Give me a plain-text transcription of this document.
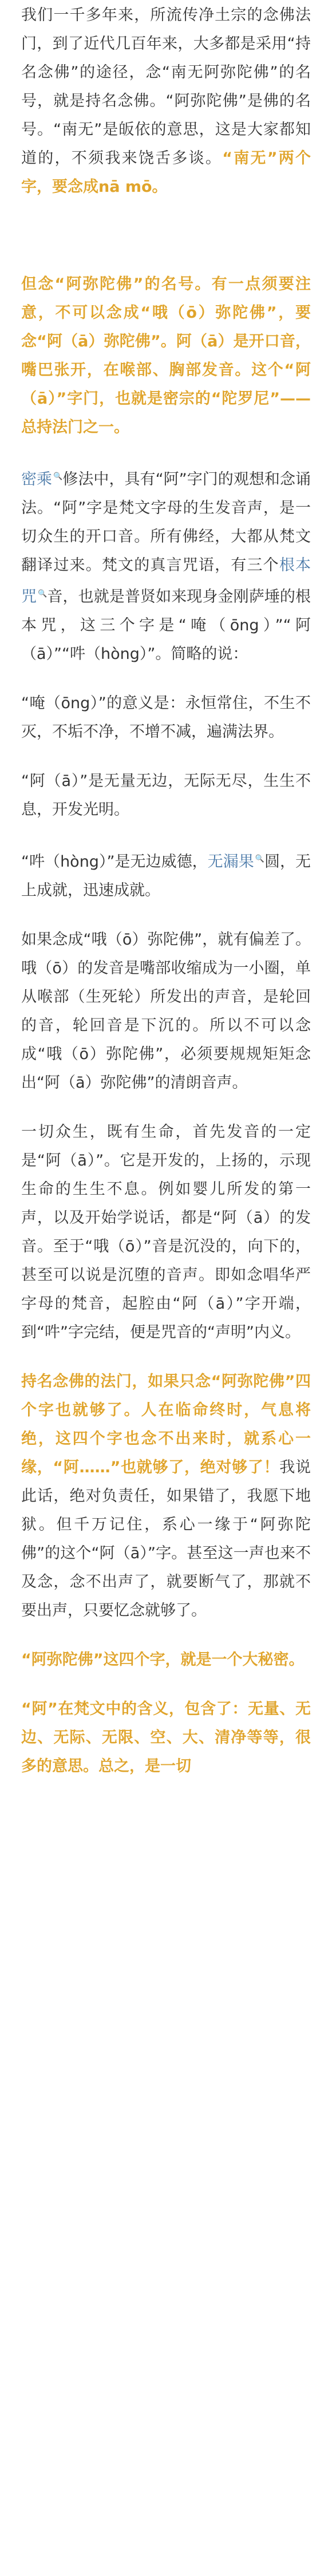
我们一千多年来，所流传净土宗的念佛法门，到了近代几百年来，大多都是采用“持名念佛”的途径，念“南无阿弥陀佛”的名号，就是持名念佛。“阿弥陀佛”是佛的名号。“南无”是皈依的意思，这是大家都知道的，不须我来饶舌多谈。“南无”两个字，要念成nā mō。

但念“阿弥陀佛”的名号。有一点须要注意，不可以念成“哦（ō）弥陀佛”，要念“阿（ā）弥陀佛”。阿（ā）是开口音，嘴巴张开，在喉部、胸部发音。这个“阿（ā）”字门，也就是密宗的“陀罗尼”——总持法门之一。

密乘 🔍修法中，具有“阿”字门的观想和念诵法。“阿”字是梵文字母的生发音声，是一切众生的开口音。所有佛经，大都从梵文翻译过来。梵文的真言咒语，有三个根本咒 🔍音，也就是普贤如来现身金刚萨埵的根本咒，这三个字是“唵（ōng）”“阿（ā）”“吽（hòng）”。简略的说：

“唵（ōng）”的意义是：永恒常住，不生不灭，不垢不净，不增不减，遍满法界。

“阿（ā）”是无量无边，无际无尽，生生不息，开发光明。

“吽（hòng）”是无边威德，无漏果 🔍圆，无上成就，迅速成就。

如果念成“哦（ō）弥陀佛”，就有偏差了。哦（ō）的发音是嘴部收缩成为一小圈，单从喉部（生死轮）所发出的声音，是轮回的音，轮回音是下沉的。所以不可以念成“哦（ō）弥陀佛”，必须要规规矩矩念出“阿（ā）弥陀佛”的清朗音声。

一切众生，既有生命，首先发音的一定是“阿（ā）”。它是开发的，上扬的，示现生命的生生不息。例如婴儿所发的第一声，以及开始学说话，都是“阿（ā）的发音。至于“哦（ō）”音是沉没的，向下的，甚至可以说是沉堕的音声。即如念唱华严字母的梵音，起腔由“阿（ā）”字开端，到“吽”字完结，便是咒音的“声明”内义。

持名念佛的法门，如果只念“阿弥陀佛”四个字也就够了。人在临命终时，气息将绝，这四个字也念不出来时，就系心一缘，“阿……”也就够了，绝对够了！我说此话，绝对负责任，如果错了，我愿下地狱。但千万记住，系心一缘于“阿弥陀佛”的这个“阿（ā）”字。甚至这一声也来不及念，念不出声了，就要断气了，那就不要出声，只要忆念就够了。

“阿弥陀佛”这四个字，就是一个大秘密。

“阿”在梵文中的含义，包含了：无量、无边、无际、无限、空、大、清净等等，很多的意思。总之，是一切
